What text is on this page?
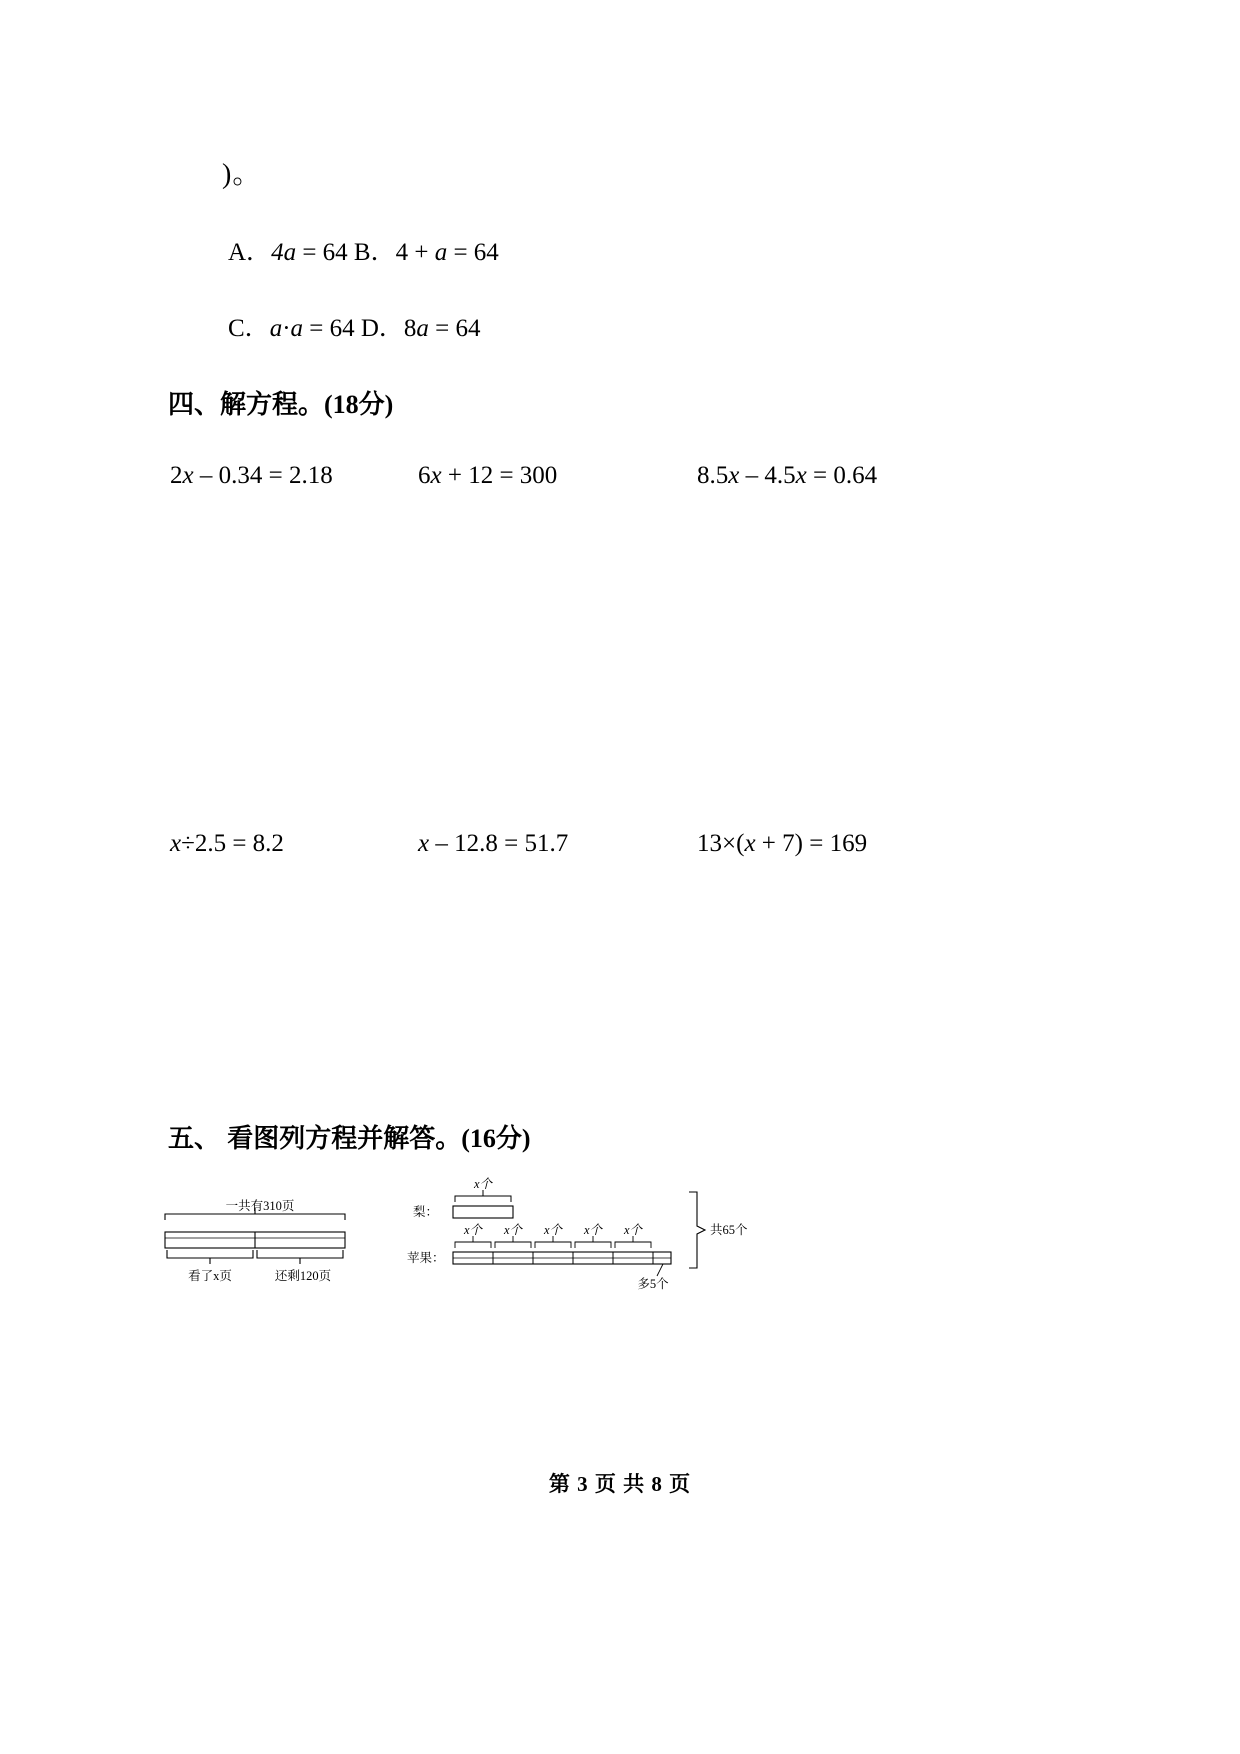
)。
A．4a = 64 B．4 + a = 64
C．a·a = 64 D．8a = 64
四、解方程。(18分)
2x – 0.34 = 2.18	6x + 12 = 300	8.5x – 4.5x = 0.64
x÷2.5 = 8.2	x – 12.8 = 51.7	13×(x + 7) = 169
五、 看图列方程并解答。(16分)
一共有310页
看了x页	还剩120页
梨：
x个
苹果：
x个 x个 x个 x个 x个
多5个
共65个
第 3 页 共 8 页
